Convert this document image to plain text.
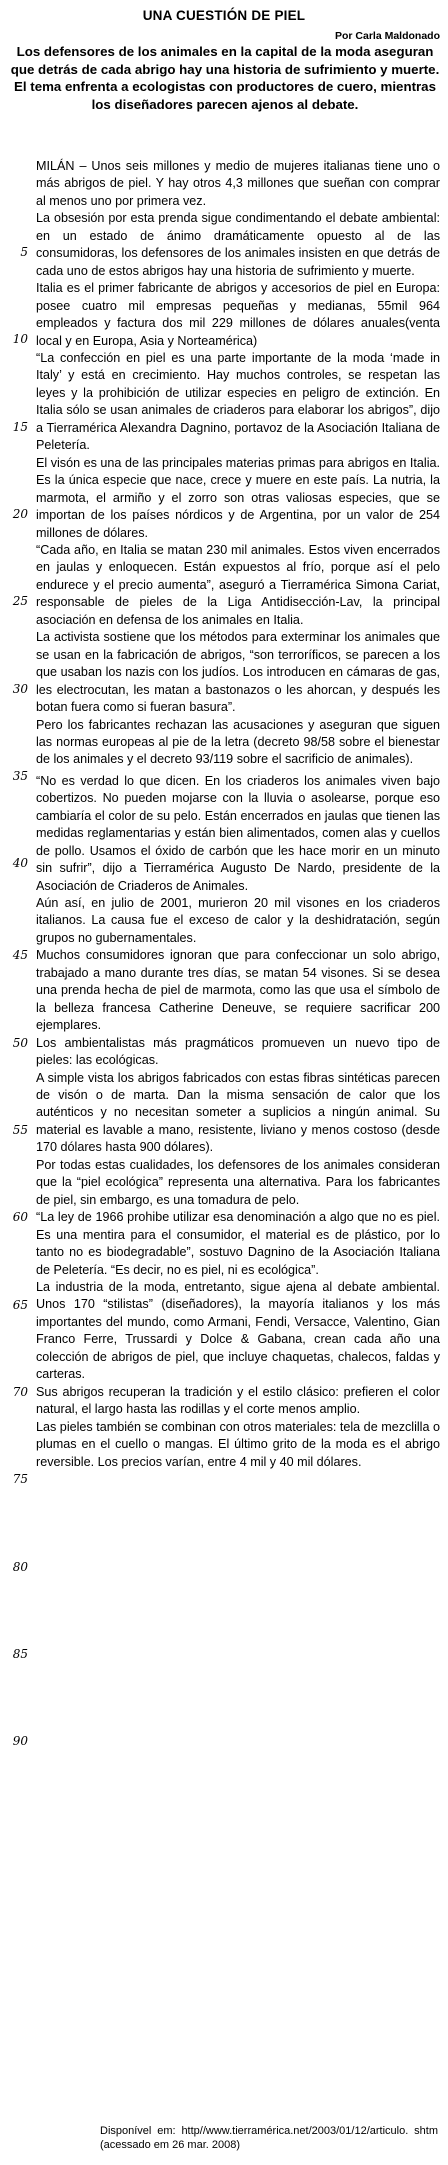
UNA CUESTIÓN DE PIEL
Por Carla Maldonado
Los defensores de los animales en la capital de la moda aseguran que detrás de cada abrigo hay una historia de sufrimiento y muerte. El tema enfrenta a ecologistas con productores de cuero, mientras los diseñadores parecen ajenos al debate.
5
10
15
20
25
30
35
40
45
50
55
60
65
70
75
80
85
90

MILÁN – Unos seis millones y medio de mujeres italianas tiene uno o más abrigos de piel. Y hay otros 4,3 millones que sueñan con comprar al menos uno por primera vez.

La obsesión por esta prenda sigue condimentando el debate ambiental: en un estado de ánimo dramáticamente opuesto al de las consumidoras, los defensores de los animales insisten en que detrás de cada uno de estos abrigos hay una historia de sufrimiento y muerte.

Italia es el primer fabricante de abrigos y accesorios de piel en Europa: posee cuatro mil empresas pequeñas y medianas, 55mil 964 empleados y factura dos mil 229 millones de dólares anuales(venta local y en Europa, Asia y Norteamérica)

“La confección en piel es una parte importante de la moda ‘made in Italy’ y está en crecimiento. Hay muchos controles, se respetan las leyes y la prohibición de utilizar especies en peligro de extinción. En Italia sólo se usan animales de criaderos para elaborar los abrigos”, dijo a Tierramérica Alexandra Dagnino, portavoz de la Asociación Italiana de Peletería.

El visón es una de las principales materias primas para abrigos en Italia. Es la única especie que nace, crece y muere en este país. La nutria, la marmota, el armiño y el zorro son otras valiosas especies, que se importan de los países nórdicos y de Argentina, por un valor de 254 millones de dólares.

“Cada año, en Italia se matan 230 mil animales. Estos viven encerrados en jaulas y enloquecen. Están expuestos al frío, porque así el pelo endurece y el precio aumenta”, aseguró a Tierramérica Simona Cariat, responsable de pieles de la Liga Antidisección-Lav, la principal asociación en defensa de los animales en Italia.

La activista sostiene que los métodos para exterminar los animales que se usan en la fabricación de abrigos, “son terroríficos, se parecen a los que usaban los nazis con los judíos. Los introducen en cámaras de gas, les electrocutan, les matan a bastonazos o les ahorcan, y después les botan fuera como si fueran basura”.

Pero los fabricantes rechazan las acusaciones y aseguran que siguen las normas europeas al pie de la letra (decreto 98/58 sobre el bienestar de los animales y el decreto 93/119 sobre el sacrificio de animales).

“No es verdad lo que dicen. En los criaderos los animales viven bajo cobertizos. No pueden mojarse con la lluvia o asolearse, porque eso cambiaría el color de su pelo. Están encerrados en jaulas que tienen las medidas reglamentarias y están bien alimentados, comen alas y cuellos de pollo. Usamos el óxido de carbón que les hace morir en un minuto sin sufrir”, dijo a Tierramérica Augusto De Nardo, presidente de la Asociación de Criaderos de Animales.

Aún así, en julio de 2001, murieron 20 mil visones en los criaderos italianos. La causa fue el exceso de calor y la deshidratación, según grupos no gubernamentales.

Muchos consumidores ignoran que para confeccionar un solo abrigo, trabajado a mano durante tres días, se matan 54 visones. Si se desea una prenda hecha de piel de marmota, como las que usa el símbolo de la belleza francesa Catherine Deneuve, se requiere sacrificar 200 ejemplares.

Los ambientalistas más pragmáticos promueven un nuevo tipo de pieles: las ecológicas.

A simple vista los abrigos fabricados con estas fibras sintéticas parecen de visón o de marta. Dan la misma sensación de calor que los auténticos y no necesitan someter a suplicios a ningún animal. Su material es lavable a mano, resistente, liviano y menos costoso (desde 170 dólares hasta 900 dólares).

Por todas estas cualidades, los defensores de los animales consideran que la “piel ecológica” representa una alternativa. Para los fabricantes de piel, sin embargo, es una tomadura de pelo.

“La ley de 1966 prohibe utilizar esa denominación a algo que no es piel. Es una mentira para el consumidor, el material es de plástico, por lo tanto no es biodegradable”, sostuvo Dagnino de la Asociación Italiana de Peletería. “Es decir, no es piel, ni es ecológica”.

La industria de la moda, entretanto, sigue ajena al debate ambiental. Unos 170 “stilistas” (diseñadores), la mayoría italianos y los más importantes del mundo, como Armani, Fendi, Versacce, Valentino, Gian Franco Ferre, Trussardi y Dolce & Gabana, crean cada año una colección de abrigos de piel, que incluye chaquetas, chalecos, faldas y carteras.

Sus abrigos recuperan la tradición y el estilo clásico: prefieren el color natural, el largo hasta las rodillas y el corte menos amplio.

Las pieles también se combinan con otros materiales: tela de mezclilla o plumas en el cuello o mangas. El último grito de la moda es el abrigo reversible. Los precios varían, entre 4 mil y 40 mil dólares.

Disponível em: http//www.tierramérica.net/2003/01/12/articulo. shtm (acessado em 26 mar. 2008)
